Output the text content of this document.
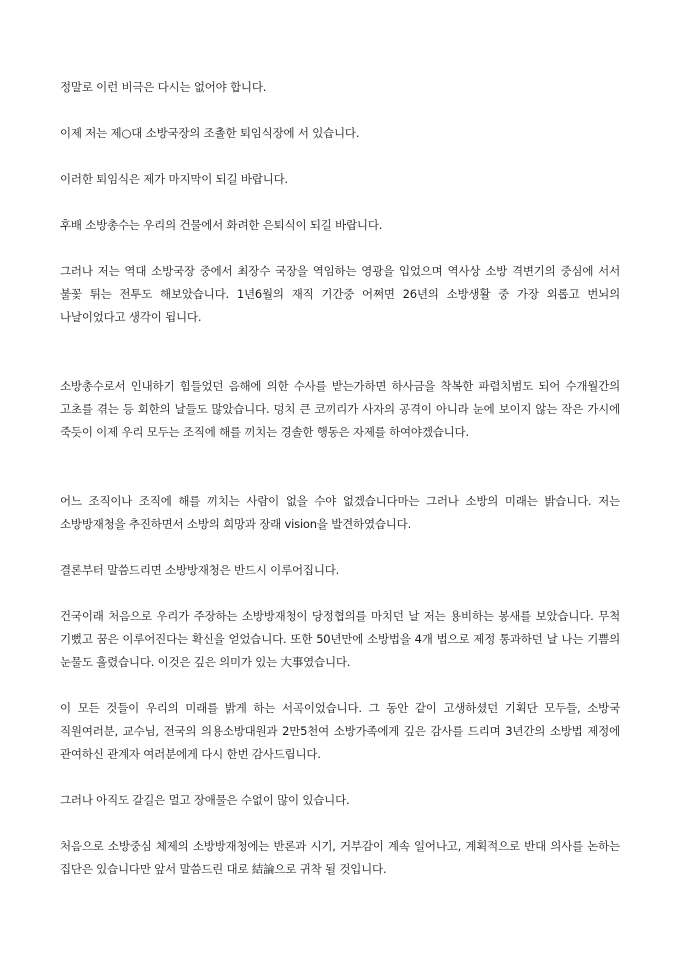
정말로 이런 비극은 다시는 없어야 합니다.

이제 저는 제○대 소방국장의 조촐한 퇴임식장에 서 있습니다.

이러한 퇴임식은 제가 마지막이 되길 바랍니다.

후배 소방총수는 우리의 건물에서 화려한 은퇴식이 되길 바랍니다.

그러나 저는 역대 소방국장 중에서 최장수 국장을 역임하는 영광을 입었으며 역사상 소방 격변기의 중심에 서서 불꽃 튀는 전투도 해보았습니다. 1년6월의 재직 기간중 어쩌면 26년의 소방생활 중 가장 외롭고 번뇌의 나날이었다고 생각이 됩니다.

소방총수로서 인내하기 힘들었던 음해에 의한 수사를 받는가하면 하사금을 착복한 파렴치범도 되어 수개월간의 고초를 겪는 등 회한의 날들도 많았습니다. 덩치 큰 코끼리가 사자의 공격이 아니라 눈에 보이지 않는 작은 가시에 죽듯이 이제 우리 모두는 조직에 해를 끼치는 경솔한 행동은 자제를 하여야겠습니다.

어느 조직이나 조직에 해를 끼치는 사람이 없을 수야 없겠습니다마는 그러나 소방의 미래는 밝습니다. 저는 소방방재청을 추진하면서 소방의 희망과 장래 vision을 발견하였습니다.

결론부터 말씀드리면 소방방재청은 반드시 이루어집니다.

건국이래 처음으로 우리가 주장하는 소방방재청이 당정협의를 마치던 날 저는 용비하는 봉새를 보았습니다. 무척 기뻤고 꿈은 이루어진다는 확신을 얻었습니다. 또한 50년만에 소방법을 4개 법으로 제정 통과하던 날 나는 기쁨의 눈물도 흘렸습니다. 이것은 깊은 의미가 있는 大事였습니다.

이 모든 것들이 우리의 미래를 밝게 하는 서곡이었습니다. 그 동안 같이 고생하셨던 기획단 모두들, 소방국 직원여러분, 교수님, 전국의 의용소방대원과 2만5천여 소방가족에게 깊은 감사를 드리며 3년간의 소방법 제정에 관여하신 관계자 여러분에게 다시 한번 감사드립니다.

그러나 아직도 갈길은 멀고 장애물은 수없이 많이 있습니다.

처음으로 소방중심 체제의 소방방재청에는 반론과 시기, 거부감이 계속 일어나고, 계획적으로 반대 의사를 논하는 집단은 있습니다만 앞서 말씀드린 대로 結論으로 귀착 될 것입니다.
